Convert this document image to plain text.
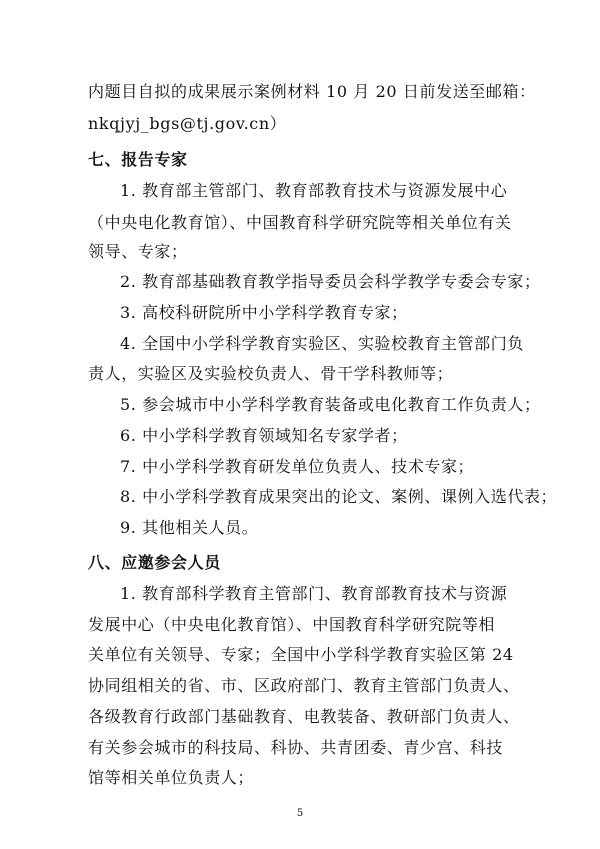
内题目自拟的成果展示案例材料 10 月 20 日前发送至邮箱：
nkqjyj_bgs@tj.gov.cn）
七、报告专家
1. 教育部主管部门、教育部教育技术与资源发展中心
（中央电化教育馆）、中国教育科学研究院等相关单位有关
领导、专家；
2. 教育部基础教育教学指导委员会科学教学专委会专家；
3. 高校科研院所中小学科学教育专家；
4. 全国中小学科学教育实验区、实验校教育主管部门负
责人，实验区及实验校负责人、骨干学科教师等；
5. 参会城市中小学科学教育装备或电化教育工作负责人；
6. 中小学科学教育领域知名专家学者；
7. 中小学科学教育研发单位负责人、技术专家；
8. 中小学科学教育成果突出的论文、案例、课例入选代表；
9. 其他相关人员。
八、应邀参会人员
1. 教育部科学教育主管部门、教育部教育技术与资源
发展中心（中央电化教育馆）、中国教育科学研究院等相
关单位有关领导、专家；全国中小学科学教育实验区第 24
协同组相关的省、市、区政府部门、教育主管部门负责人、
各级教育行政部门基础教育、电教装备、教研部门负责人、
有关参会城市的科技局、科协、共青团委、青少宫、科技
馆等相关单位负责人；
5
